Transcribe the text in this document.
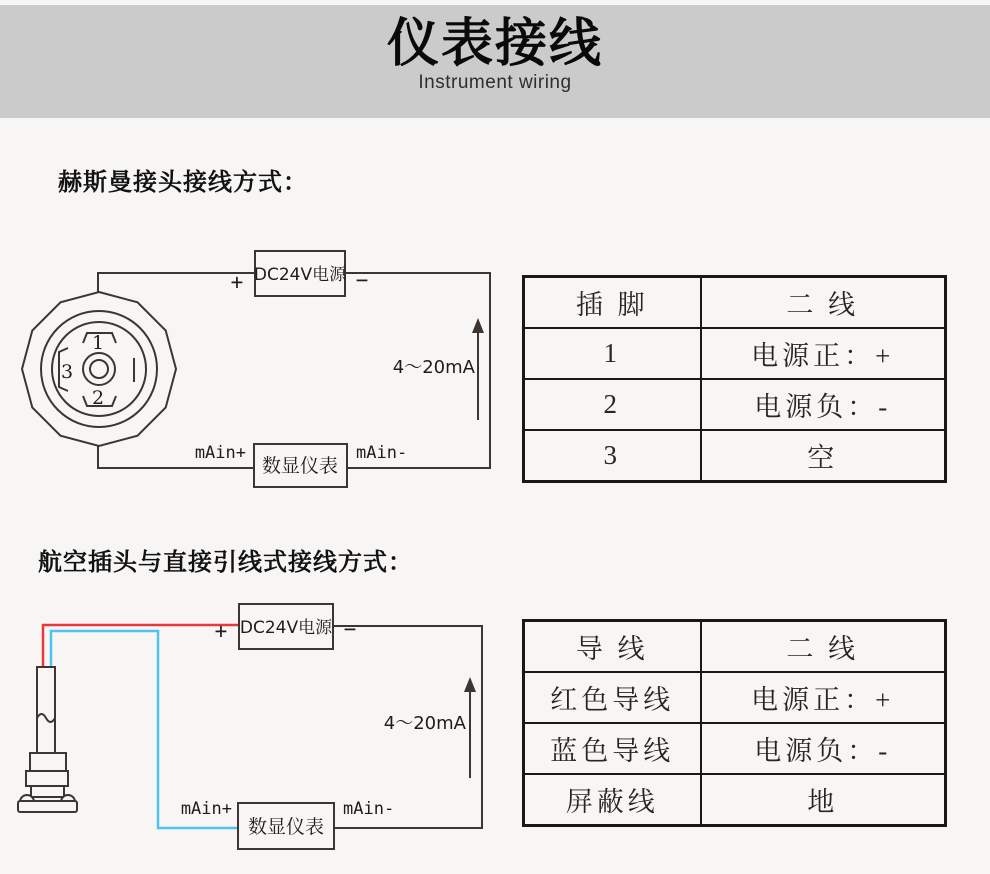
仪表接线
Instrument wiring
赫斯曼接头接线方式：
4～20mA
DC24V电源
+	−
数显仪表
mAin+	mAin-
1
2
3
插 脚	二 线
1	电源正：+
2	电源负：-
3	空
航空插头与直接引线式接线方式：
4～20mA
DC24V电源
+	−
数显仪表
mAin+	mAin-
导 线	二 线
红色导线	电源正：+
蓝色导线	电源负：-
屏蔽线	地
